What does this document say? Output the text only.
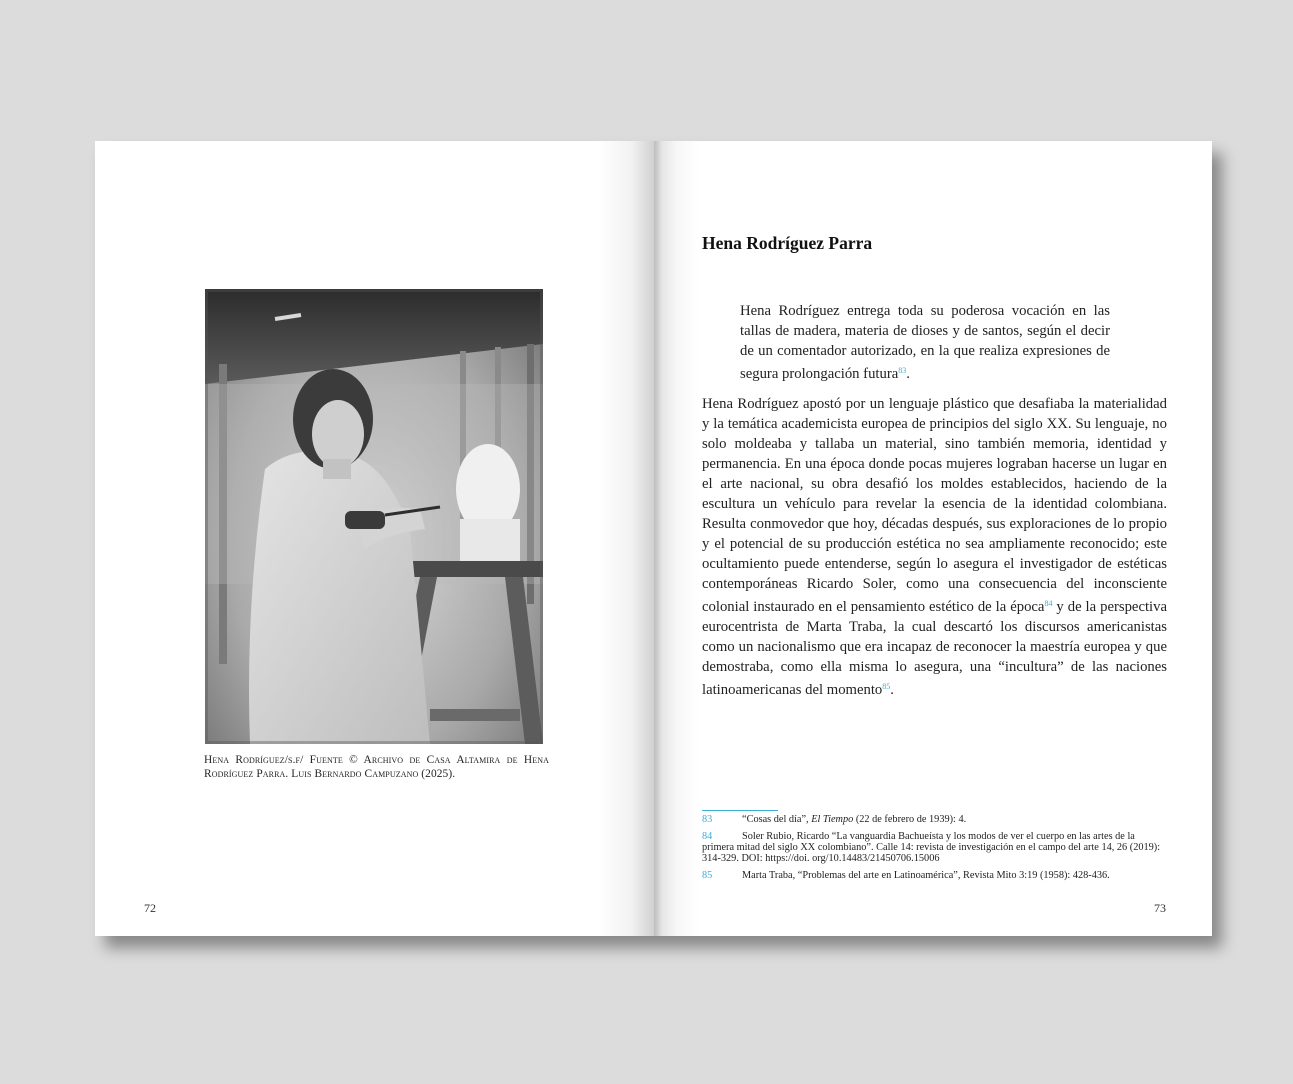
Hena Rodríguez/s.f/ Fuente © Archivo de Casa Altamira de Hena Rodríguez Parra. Luis Bernardo Campuzano (2025).
72
Hena Rodríguez Parra
Hena Rodríguez entrega toda su poderosa vocación en las tallas de madera, materia de dioses y de santos, según el decir de un comentador autorizado, en la que realiza expresiones de segura prolongación futura$^{83}$.
Hena Rodríguez apostó por un lenguaje plástico que desafiaba la materialidad y la temática academicista europea de principios del siglo XX. Su lenguaje, no solo moldeaba y tallaba un material, sino también memoria, identidad y permanencia. En una época donde pocas mujeres lograban hacerse un lugar en el arte nacional, su obra desafió los moldes establecidos, haciendo de la escultura un vehículo para revelar la esencia de la identidad colombiana. Resulta conmovedor que hoy, décadas después, sus exploraciones de lo propio y el potencial de su producción estética no sea ampliamente reconocido; este ocultamiento puede entenderse, según lo asegura el investigador de estéticas contemporáneas Ricardo Soler, como una consecuencia del inconsciente colonial instaurado en el pensamiento estético de la época$^{84}$ y de la perspectiva eurocentrista de Marta Traba, la cual descartó los discursos americanistas como un nacionalismo que era incapaz de reconocer la maestría europea y que demostraba, como ella misma lo asegura, una “incultura” de las naciones latinoamericanas del momento$^{85}$.
83	“Cosas del día”, El Tiempo (22 de febrero de 1939): 4.
84	Soler Rubio, Ricardo “La vanguardia Bachueísta y los modos de ver el cuerpo en las artes de la primera mitad del siglo XX colombiano”. Calle 14: revista de investigación en el campo del arte 14, 26 (2019): 314-329. DOI: https://doi. org/10.14483/21450706.15006
85	Marta Traba, “Problemas del arte en Latinoamérica”, Revista Mito 3:19 (1958): 428-436.
73
